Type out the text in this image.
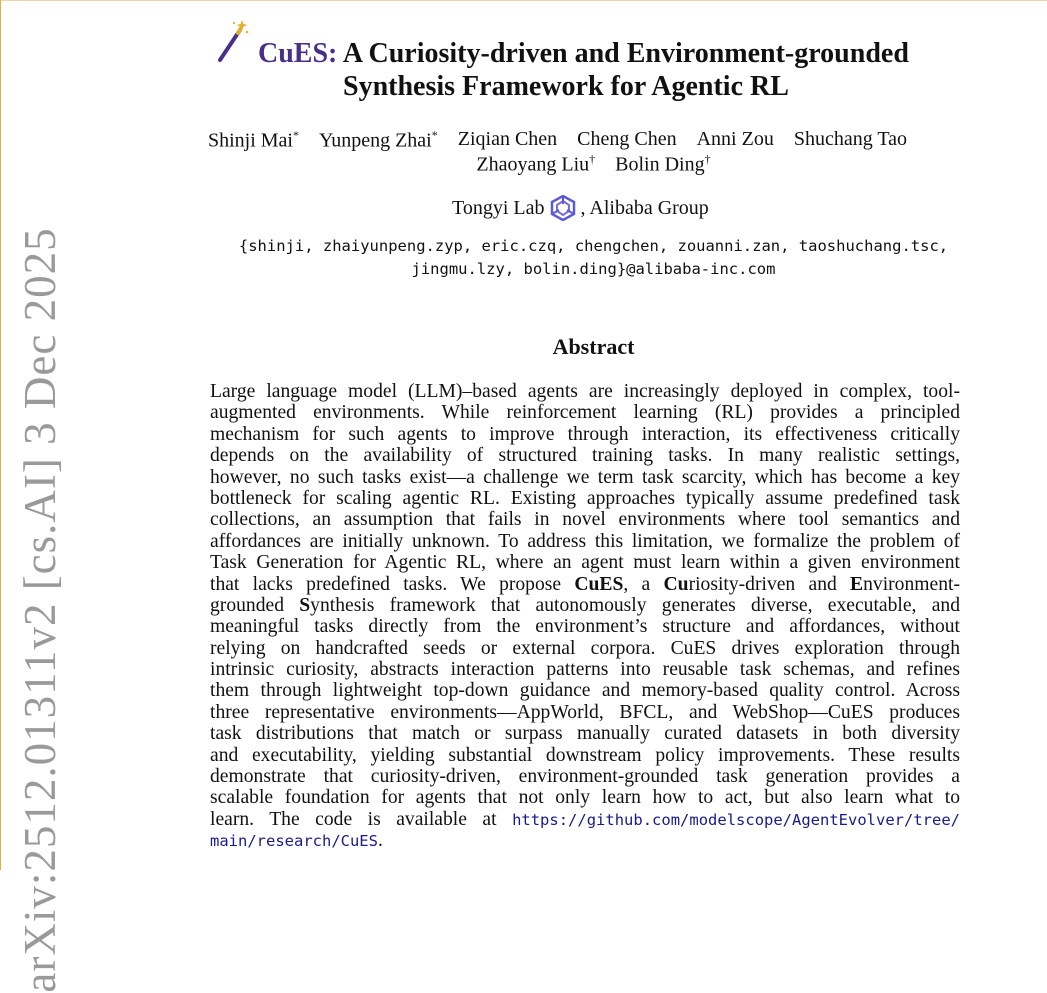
arXiv:2512.01311v2 [cs.AI] 3 Dec 2025
CuES: A Curiosity-driven and Environment-grounded
Synthesis Framework for Agentic RL
Shinji Mai* Yunpeng Zhai* Ziqian Chen Cheng Chen Anni Zou Shuchang Tao
Zhaoyang Liu† Bolin Ding†
Tongyi Lab , Alibaba Group
{shinji, zhaiyunpeng.zyp, eric.czq, chengchen, zouanni.zan, taoshuchang.tsc,
jingmu.lzy, bolin.ding}@alibaba-inc.com
Abstract
Large language model (LLM)–based agents are increasingly deployed in complex, tool-
augmented environments. While reinforcement learning (RL) provides a principled
mechanism for such agents to improve through interaction, its effectiveness critically
depends on the availability of structured training tasks. In many realistic settings,
however, no such tasks exist—a challenge we term task scarcity, which has become a key
bottleneck for scaling agentic RL. Existing approaches typically assume predefined task
collections, an assumption that fails in novel environments where tool semantics and
affordances are initially unknown. To address this limitation, we formalize the problem of
Task Generation for Agentic RL, where an agent must learn within a given environment
that lacks predefined tasks. We propose CuES, a Curiosity-driven and Environment-
grounded Synthesis framework that autonomously generates diverse, executable, and
meaningful tasks directly from the environment’s structure and affordances, without
relying on handcrafted seeds or external corpora. CuES drives exploration through
intrinsic curiosity, abstracts interaction patterns into reusable task schemas, and refines
them through lightweight top-down guidance and memory-based quality control. Across
three representative environments—AppWorld, BFCL, and WebShop—CuES produces
task distributions that match or surpass manually curated datasets in both diversity
and executability, yielding substantial downstream policy improvements. These results
demonstrate that curiosity-driven, environment-grounded task generation provides a
scalable foundation for agents that not only learn how to act, but also learn what to
learn. The code is available at https://github.com/modelscope/AgentEvolver/tree/
main/research/CuES.
